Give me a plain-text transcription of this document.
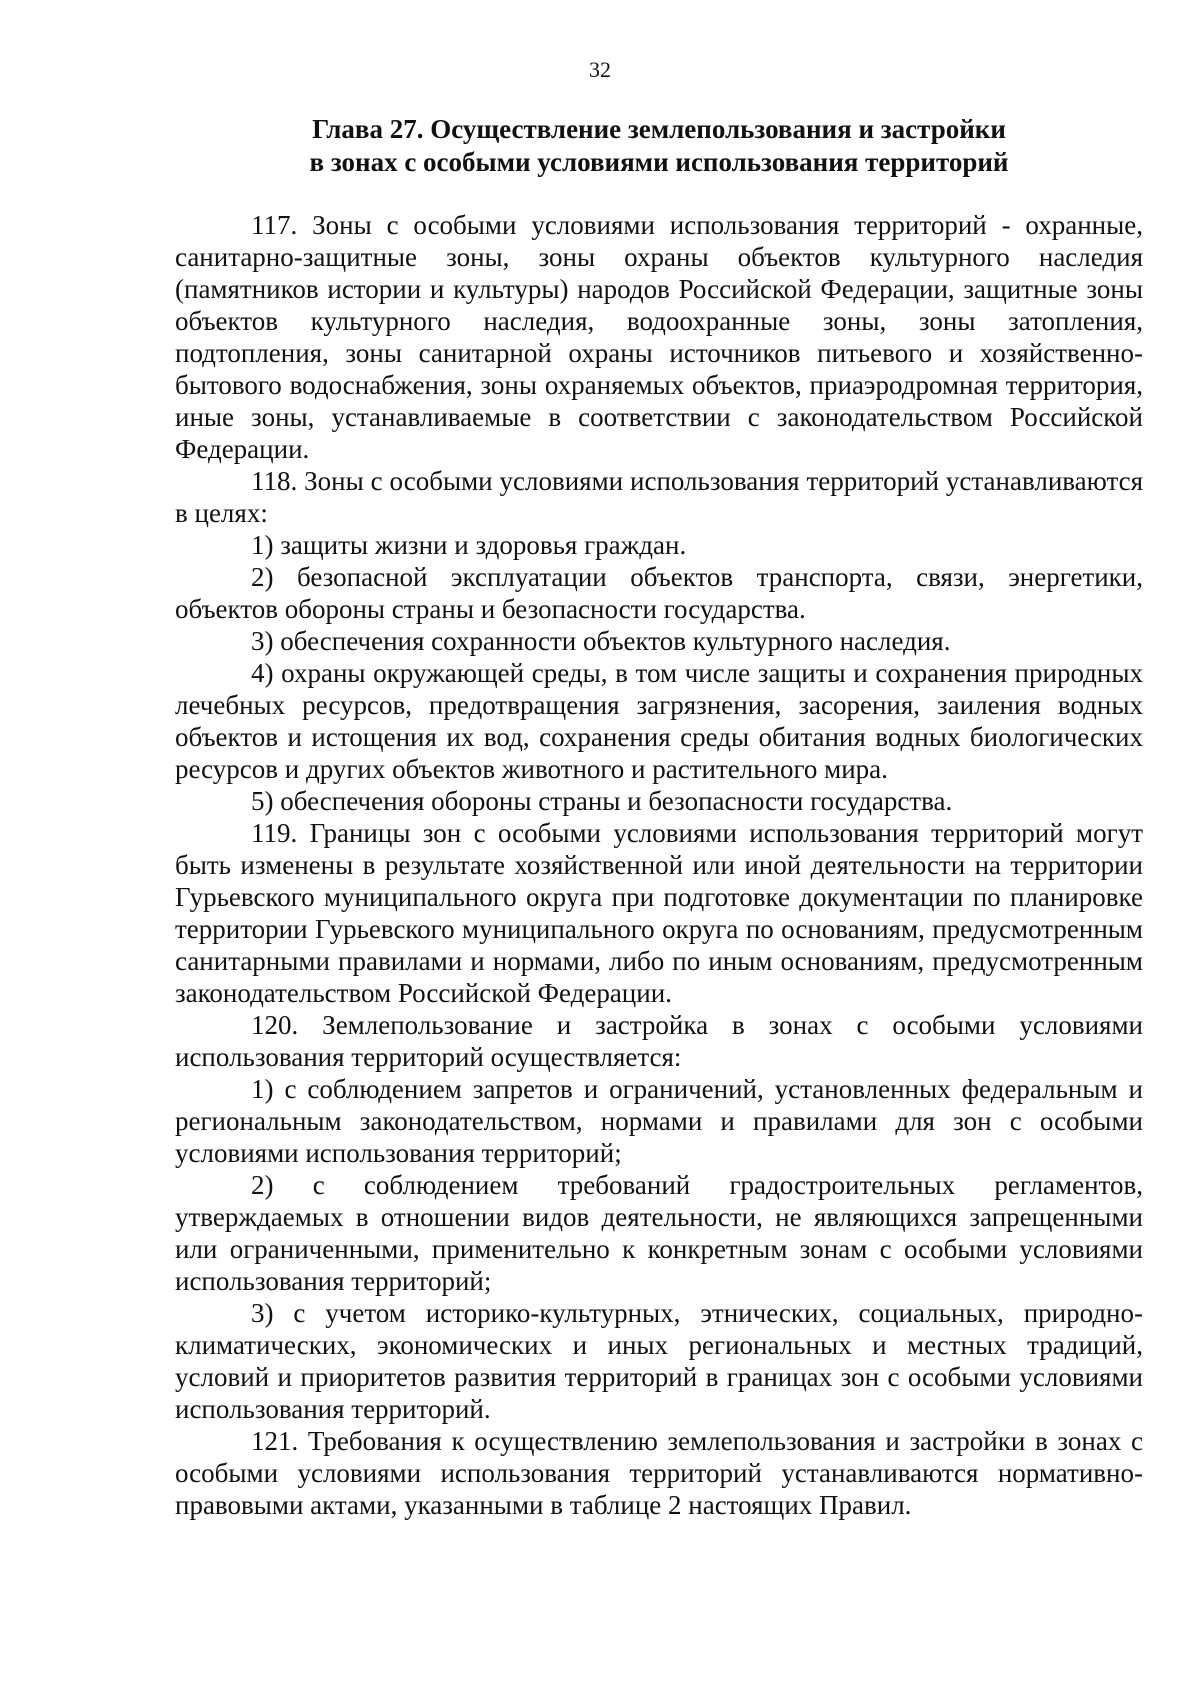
32
Глава 27. Осуществление землепользования и застройки
в зонах с особыми условиями использования территорий

117. Зоны с особыми условиями использования территорий - охранные, санитарно-защитные зоны, зоны охраны объектов культурного наследия (памятников истории и культуры) народов Российской Федерации, защитные зоны объектов культурного наследия, водоохранные зоны, зоны затопления, подтопления, зоны санитарной охраны источников питьевого и хозяйственно-бытового водоснабжения, зоны охраняемых объектов, приаэродромная территория, иные зоны, устанавливаемые в соответствии с законодательством Российской Федерации.

118. Зоны с особыми условиями использования территорий устанавливаются в целях:

1) защиты жизни и здоровья граждан.

2) безопасной эксплуатации объектов транспорта, связи, энергетики, объектов обороны страны и безопасности государства.

3) обеспечения сохранности объектов культурного наследия.

4) охраны окружающей среды, в том числе защиты и сохранения природных лечебных ресурсов, предотвращения загрязнения, засорения, заиления водных объектов и истощения их вод, сохранения среды обитания водных биологических ресурсов и других объектов животного и растительного мира.

5) обеспечения обороны страны и безопасности государства.

119. Границы зон с особыми условиями использования территорий могут быть изменены в результате хозяйственной или иной деятельности на территории Гурьевского муниципального округа при подготовке документации по планировке территории Гурьевского муниципального округа по основаниям, предусмотренным санитарными правилами и нормами, либо по иным основаниям, предусмотренным законодательством Российской Федерации.

120. Землепользование и застройка в зонах с особыми условиями использования территорий осуществляется:

1) с соблюдением запретов и ограничений, установленных федеральным и региональным законодательством, нормами и правилами для зон с особыми условиями использования территорий;

2) с соблюдением требований градостроительных регламентов, утверждаемых в отношении видов деятельности, не являющихся запрещенными или ограниченными, применительно к конкретным зонам с особыми условиями использования территорий;

3) с учетом историко-культурных, этнических, социальных, природно-климатических, экономических и иных региональных и местных традиций, условий и приоритетов развития территорий в границах зон с особыми условиями использования территорий.

121. Требования к осуществлению землепользования и застройки в зонах с особыми условиями использования территорий устанавливаются нормативно-правовыми актами, указанными в таблице 2 настоящих Правил.
